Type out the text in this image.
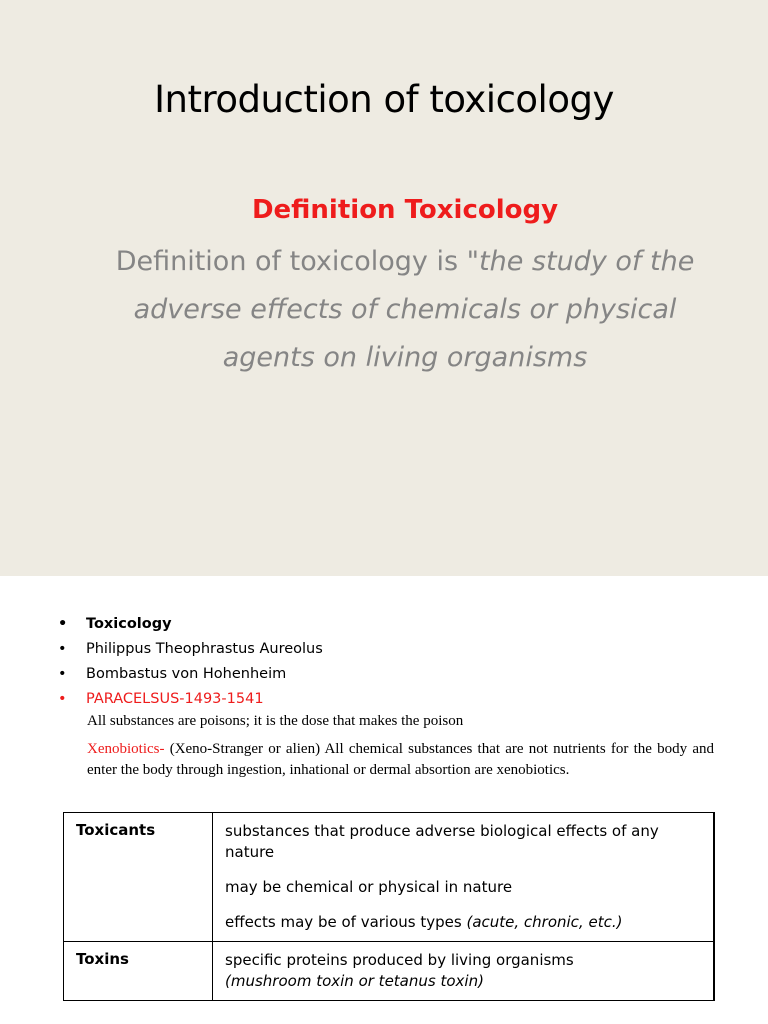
Introduction of toxicology
Definition Toxicology
Definition of toxicology is "the study of the adverse effects of chemicals or physical agents on living organisms
• Toxicology
• Philippus Theophrastus Aureolus
• Bombastus von Hohenheim
• PARACELSUS-1493-1541
All substances are poisons; it is the dose that makes the poison
Xenobiotics- (Xeno-Stranger or alien) All chemical substances that are not nutrients for the body and enter the body through ingestion, inhational or dermal absortion are xenobiotics.
Toxicants	substances that produce adverse biological effects of any nature

may be chemical or physical in nature

effects may be of various types (acute, chronic, etc.)

Toxins	specific proteins produced by living organisms
(mushroom toxin or tetanus toxin)
